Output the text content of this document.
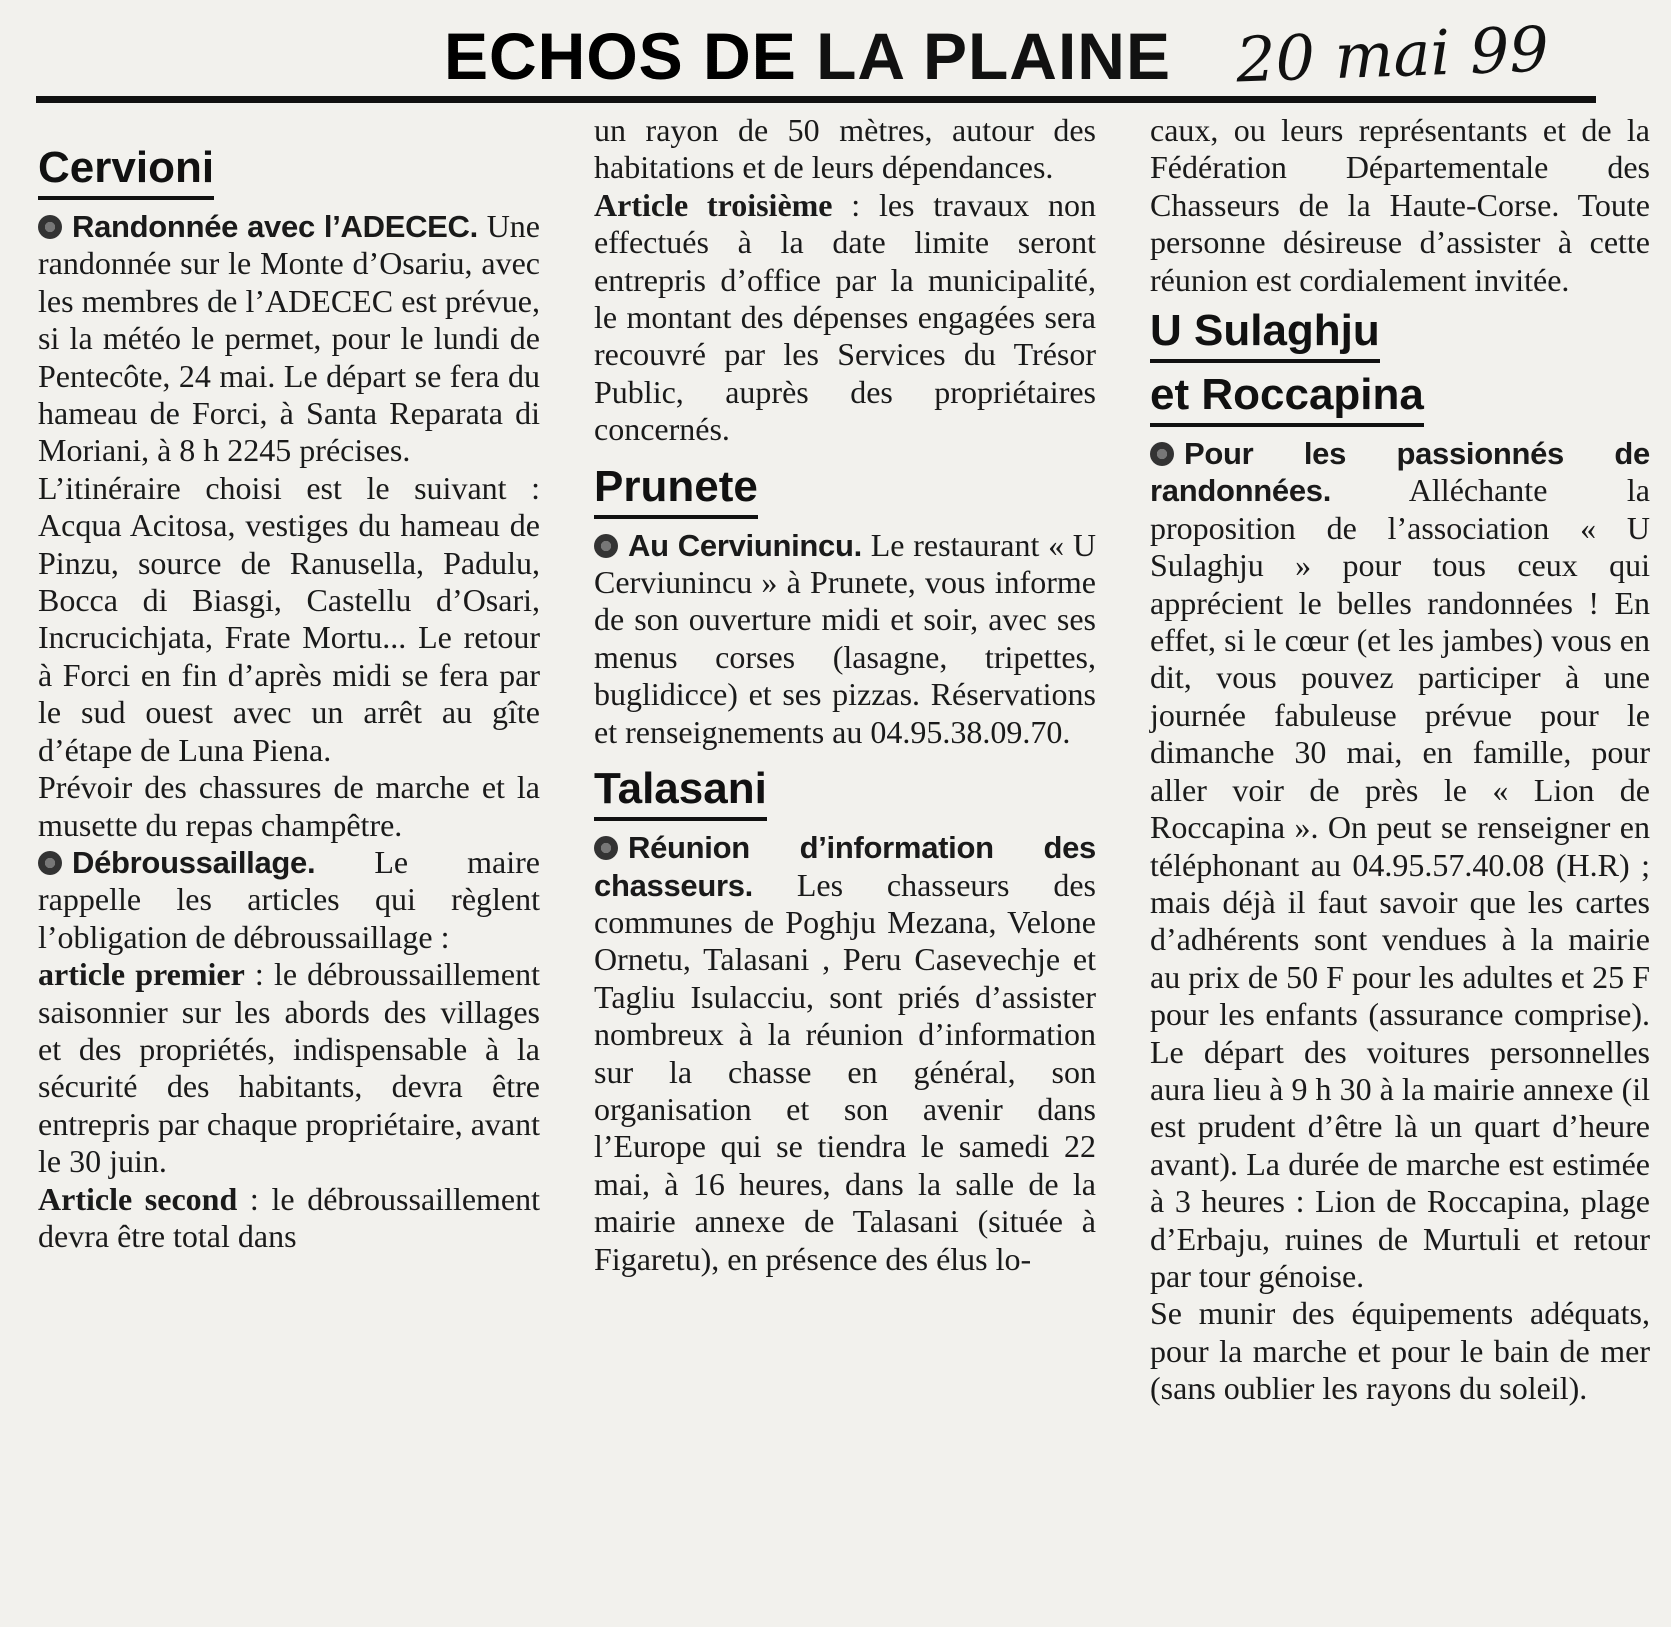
ECHOS DE LA PLAINE 20 mai 99
Cervioni

Randonnée avec l’ADECEC. Une randonnée sur le Monte d’Osariu, avec les membres de l’ADECEC est prévue, si la météo le permet, pour le lundi de Pentecôte, 24 mai. Le départ se fera du hameau de Forci, à Santa Reparata di Moriani, à 8 h 2245 précises.

L’itinéraire choisi est le suivant : Acqua Acitosa, vestiges du hameau de Pinzu, source de Ranusella, Padulu, Bocca di Biasgi, Castellu d’Osari, Incrucichjata, Frate Mortu... Le retour à Forci en fin d’après midi se fera par le sud ouest avec un arrêt au gîte d’étape de Luna Piena.

Prévoir des chassures de marche et la musette du repas champêtre.

Débroussaillage. Le maire rappelle les articles qui règlent l’obligation de débroussaillage :

article premier : le débroussaillement saisonnier sur les abords des villages et des propriétés, indispensable à la sécurité des habitants, devra être entrepris par chaque propriétaire, avant le 30 juin.

Article second : le débroussaillement devra être total dans

un rayon de 50 mètres, autour des habitations et de leurs dépendances.

Article troisième : les travaux non effectués à la date limite seront entrepris d’office par la municipalité, le montant des dépenses engagées sera recouvré par les Services du Trésor Public, auprès des propriétaires concernés.

Prunete

Au Cerviunincu. Le restaurant « U Cerviunincu » à Prunete, vous informe de son ouverture midi et soir, avec ses menus corses (lasagne, tripettes, buglidicce) et ses pizzas. Réservations et renseignements au 04.95.38.09.70.

Talasani

Réunion d’information des chasseurs. Les chasseurs des communes de Poghju Mezana, Velone Ornetu, Talasani , Peru Casevechje et Tagliu Isulacciu, sont priés d’assister nombreux à la réunion d’information sur la chasse en général, son organisation et son avenir dans l’Europe qui se tiendra le samedi 22 mai, à 16 heures, dans la salle de la mairie annexe de Talasani (située à Figaretu), en présence des élus lo-

caux, ou leurs représentants et de la Fédération Départementale des Chasseurs de la Haute-Corse. Toute personne désireuse d’assister à cette réunion est cordialement invitée.

U Sulaghju
et Roccapina

Pour les passionnés de randonnées. Alléchante la proposition de l’association « U Sulaghju » pour tous ceux qui apprécient le belles randonnées ! En effet, si le cœur (et les jambes) vous en dit, vous pouvez participer à une journée fabuleuse prévue pour le dimanche 30 mai, en famille, pour aller voir de près le « Lion de Roccapina ». On peut se renseigner en téléphonant au 04.95.57.40.08 (H.R) ; mais déjà il faut savoir que les cartes d’adhérents sont vendues à la mairie au prix de 50 F pour les adultes et 25 F pour les enfants (assurance comprise). Le départ des voitures personnelles aura lieu à 9 h 30 à la mairie annexe (il est prudent d’être là un quart d’heure avant). La durée de marche est estimée à 3 heures : Lion de Roccapina, plage d’Erbaju, ruines de Murtuli et retour par tour génoise.

Se munir des équipements adéquats, pour la marche et pour le bain de mer (sans oublier les rayons du soleil).
